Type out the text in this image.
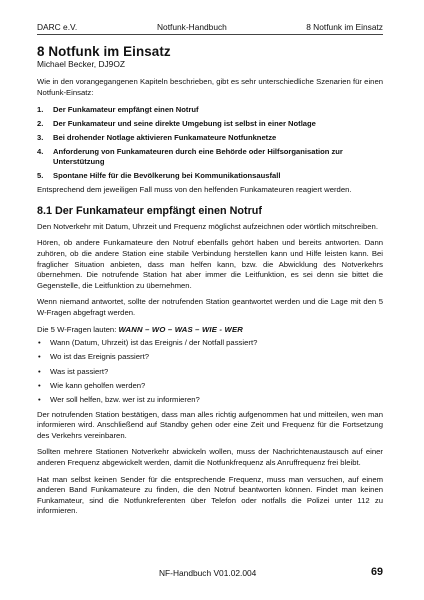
DARC e.V.	Notfunk-Handbuch	8 Notfunk im Einsatz
8 Notfunk im Einsatz
Michael Becker, DJ9OZ

Wie in den vorangegangenen Kapiteln beschrieben, gibt es sehr unterschiedliche Szenarien für einen Notfunk-Einsatz:

1. Der Funkamateur empfängt einen Notruf
2. Der Funkamateur und seine direkte Umgebung ist selbst in einer Notlage
3. Bei drohender Notlage aktivieren Funkamateure Notfunknetze
4. Anforderung von Funkamateuren durch eine Behörde oder Hilfsorganisation zur Unterstützung
5. Spontane Hilfe für die Bevölkerung bei Kommunikationsausfall

Entsprechend dem jeweiligen Fall muss von den helfenden Funkamateuren reagiert werden.

8.1 Der Funkamateur empfängt einen Notruf

Den Notverkehr mit Datum, Uhrzeit und Frequenz möglichst aufzeichnen oder wörtlich mitschreiben.

Hören, ob andere Funkamateure den Notruf ebenfalls gehört haben und bereits antworten. Dann zuhören, ob die andere Station eine stabile Verbindung herstellen kann und Hilfe leisten kann. Bei fraglicher Situation anbieten, dass man helfen kann, bzw. die Abwicklung des Notverkehrs übernehmen. Die notrufende Station hat aber immer die Leitfunktion, es sei denn sie bittet die Gegenstelle, die Leitfunktion zu übernehmen.

Wenn niemand antwortet, sollte der notrufenden Station geantwortet werden und die Lage mit den 5 W-Fragen abgefragt werden.

Die 5 W-Fragen lauten: WANN – WO – WAS – WIE - WER
• Wann (Datum, Uhrzeit) ist das Ereignis / der Notfall passiert?
• Wo ist das Ereignis passiert?
• Was ist passiert?
• Wie kann geholfen werden?
• Wer soll helfen, bzw. wer ist zu informieren?

Der notrufenden Station bestätigen, dass man alles richtig aufgenommen hat und mitteilen, wen man informieren wird. Anschließend auf Standby gehen oder eine Zeit und Frequenz für die Fortsetzung des Verkehrs vereinbaren.

Sollten mehrere Stationen Notverkehr abwickeln wollen, muss der Nachrichtenaustausch auf einer anderen Frequenz abgewickelt werden, damit die Notfunkfrequenz als Anruffrequenz frei bleibt.

Hat man selbst keinen Sender für die entsprechende Frequenz, muss man versuchen, auf einem anderen Band Funkamateure zu finden, die den Notruf beantworten können. Findet man keinen Funkamateur, sind die Notfunkreferenten über Telefon oder notfalls die Polizei unter 112 zu informieren.

NF-Handbuch V01.02.004	69
